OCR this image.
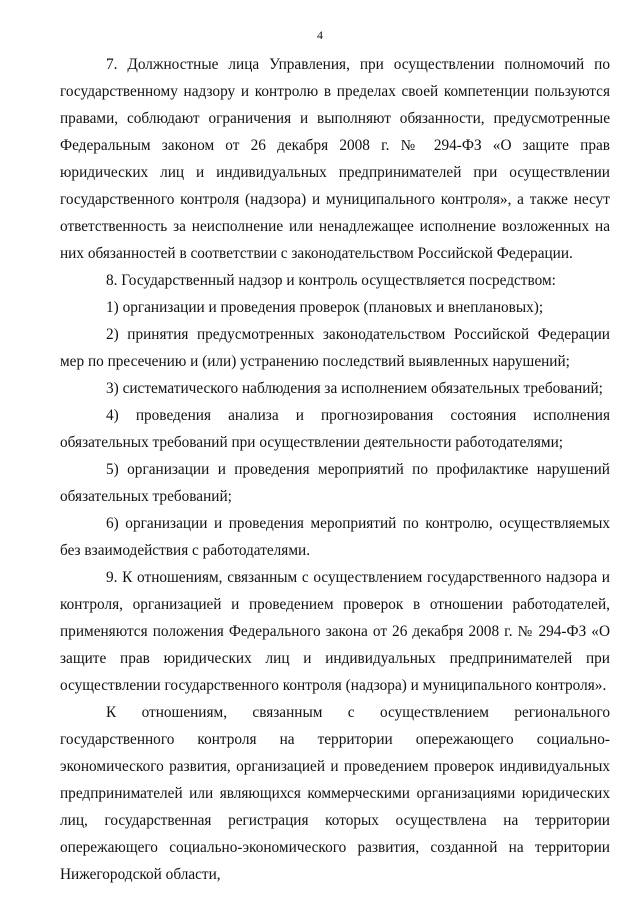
4

7. Должностные лица Управления, при осуществлении полномочий по государственному надзору и контролю в пределах своей компетенции пользуются правами, соблюдают ограничения и выполняют обязанности, предусмотренные Федеральным законом от 26 декабря 2008 г. № 294-ФЗ «О защите прав юридических лиц и индивидуальных предпринимателей при осуществлении государственного контроля (надзора) и муниципального контроля», а также несут ответственность за неисполнение или ненадлежащее исполнение возложенных на них обязанностей в соответствии с законодательством Российской Федерации.

8. Государственный надзор и контроль осуществляется посредством:

1) организации и проведения проверок (плановых и внеплановых);

2) принятия предусмотренных законодательством Российской Федерации мер по пресечению и (или) устранению последствий выявленных нарушений;

3) систематического наблюдения за исполнением обязательных требований;

4) проведения анализа и прогнозирования состояния исполнения обязательных требований при осуществлении деятельности работодателями;

5) организации и проведения мероприятий по профилактике нарушений обязательных требований;

6) организации и проведения мероприятий по контролю, осуществляемых без взаимодействия с работодателями.

9. К отношениям, связанным с осуществлением государственного надзора и контроля, организацией и проведением проверок в отношении работодателей, применяются положения Федерального закона от 26 декабря 2008 г. № 294-ФЗ «О защите прав юридических лиц и индивидуальных предпринимателей при осуществлении государственного контроля (надзора) и муниципального контроля».

К отношениям, связанным с осуществлением регионального государственного контроля на территории опережающего социально-экономического развития, организацией и проведением проверок индивидуальных предпринимателей или являющихся коммерческими организациями юридических лиц, государственная регистрация которых осуществлена на территории опережающего социально-экономического развития, созданной на территории Нижегородской области,
